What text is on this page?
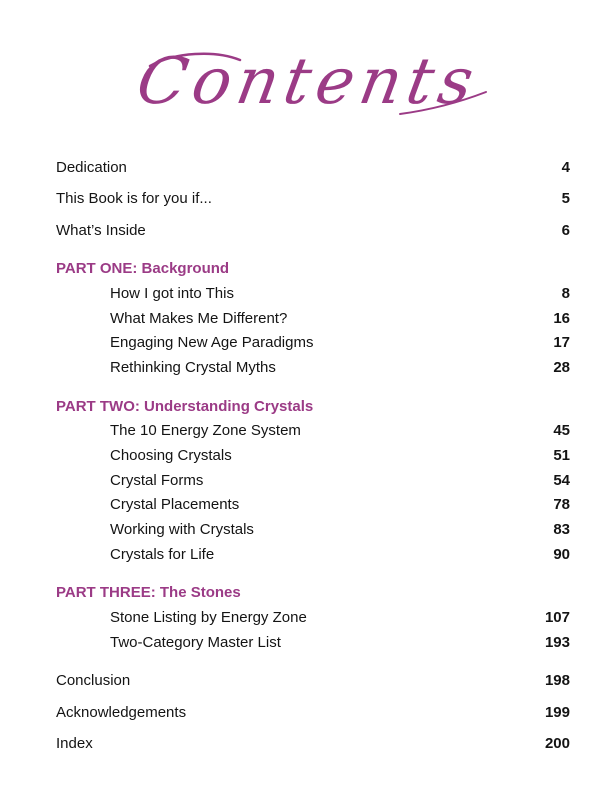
Contents
Dedication	4
This Book is for you if...	5
What’s Inside	6
PART ONE: Background
How I got into This	8
What Makes Me Different?	16
Engaging New Age Paradigms	17
Rethinking Crystal Myths	28
PART TWO: Understanding Crystals
The 10 Energy Zone System	45
Choosing Crystals	51
Crystal Forms	54
Crystal Placements	78
Working with Crystals	83
Crystals for Life	90
PART THREE: The Stones
Stone Listing by Energy Zone	107
Two-Category Master List	193
Conclusion	198
Acknowledgements	199
Index	200
